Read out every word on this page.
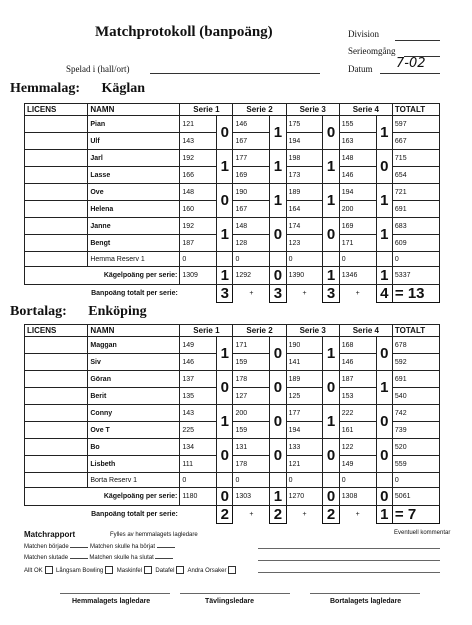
Matchprotokoll (banpoäng)	Division
Serieomgång
Spelad i (hall/ort)	Datum 7-02
Hemmalag: Käglan
LICENS	NAMN	Serie 1		Serie 2		Serie 3		Serie 4		TOTALT
	Pian	121	0	146	1	175	0	155	1	597
	Ulf	143		167		194		163		667
	Jarl	192	1	177	1	198	1	148	0	715
	Lasse	166		169		173		146		654
	Ove	148	0	190	1	189	1	194	1	721
	Helena	160		167		164		200		691
	Janne	192	1	148	0	174	0	169	1	683
	Bengt	187		128		123		171		609
	Hemma Reserv 1	0		0		0		0		0
Kägelpoäng per serie:		1309	1	1292	0	1390	1	1346	1	5337
Banpoäng totalt per serie:			3	+	3	+	3	+	4	= 13
Bortalag: Enköping
LICENS	NAMN	Serie 1		Serie 2		Serie 3		Serie 4		TOTALT
	Maggan	149	1	171	0	190	1	168	0	678
	Siv	146		159		141		146		592
	Göran	137	0	178	0	189	0	187	1	691
	Berit	135		127		125		153		540
	Conny	143	1	200	0	177	1	222	0	742
	Ove T	225		159		194		161		739
	Bo	134	0	131	0	133	0	122	0	520
	Lisbeth	111		178		121		149		559
	Borta Reserv 1	0		0		0		0		0
Kägelpoäng per serie:		1180	0	1303	1	1270	0	1308	0	5061
Banpoäng totalt per serie:			2	+	2	+	2	+	1	= 7
Matchrapport	Fylles av hemmalagets lagledare	Eventuell kommentar
Matchen började	Matchen skulle ha börjat
Matchen slutade	Matchen skulle ha slutat
Allt OK Långsam Bowling Maskinfel Datafel Andra Orsaker
Hemmalagets lagledare	Tävlingsledare	Bortalagets lagledare
